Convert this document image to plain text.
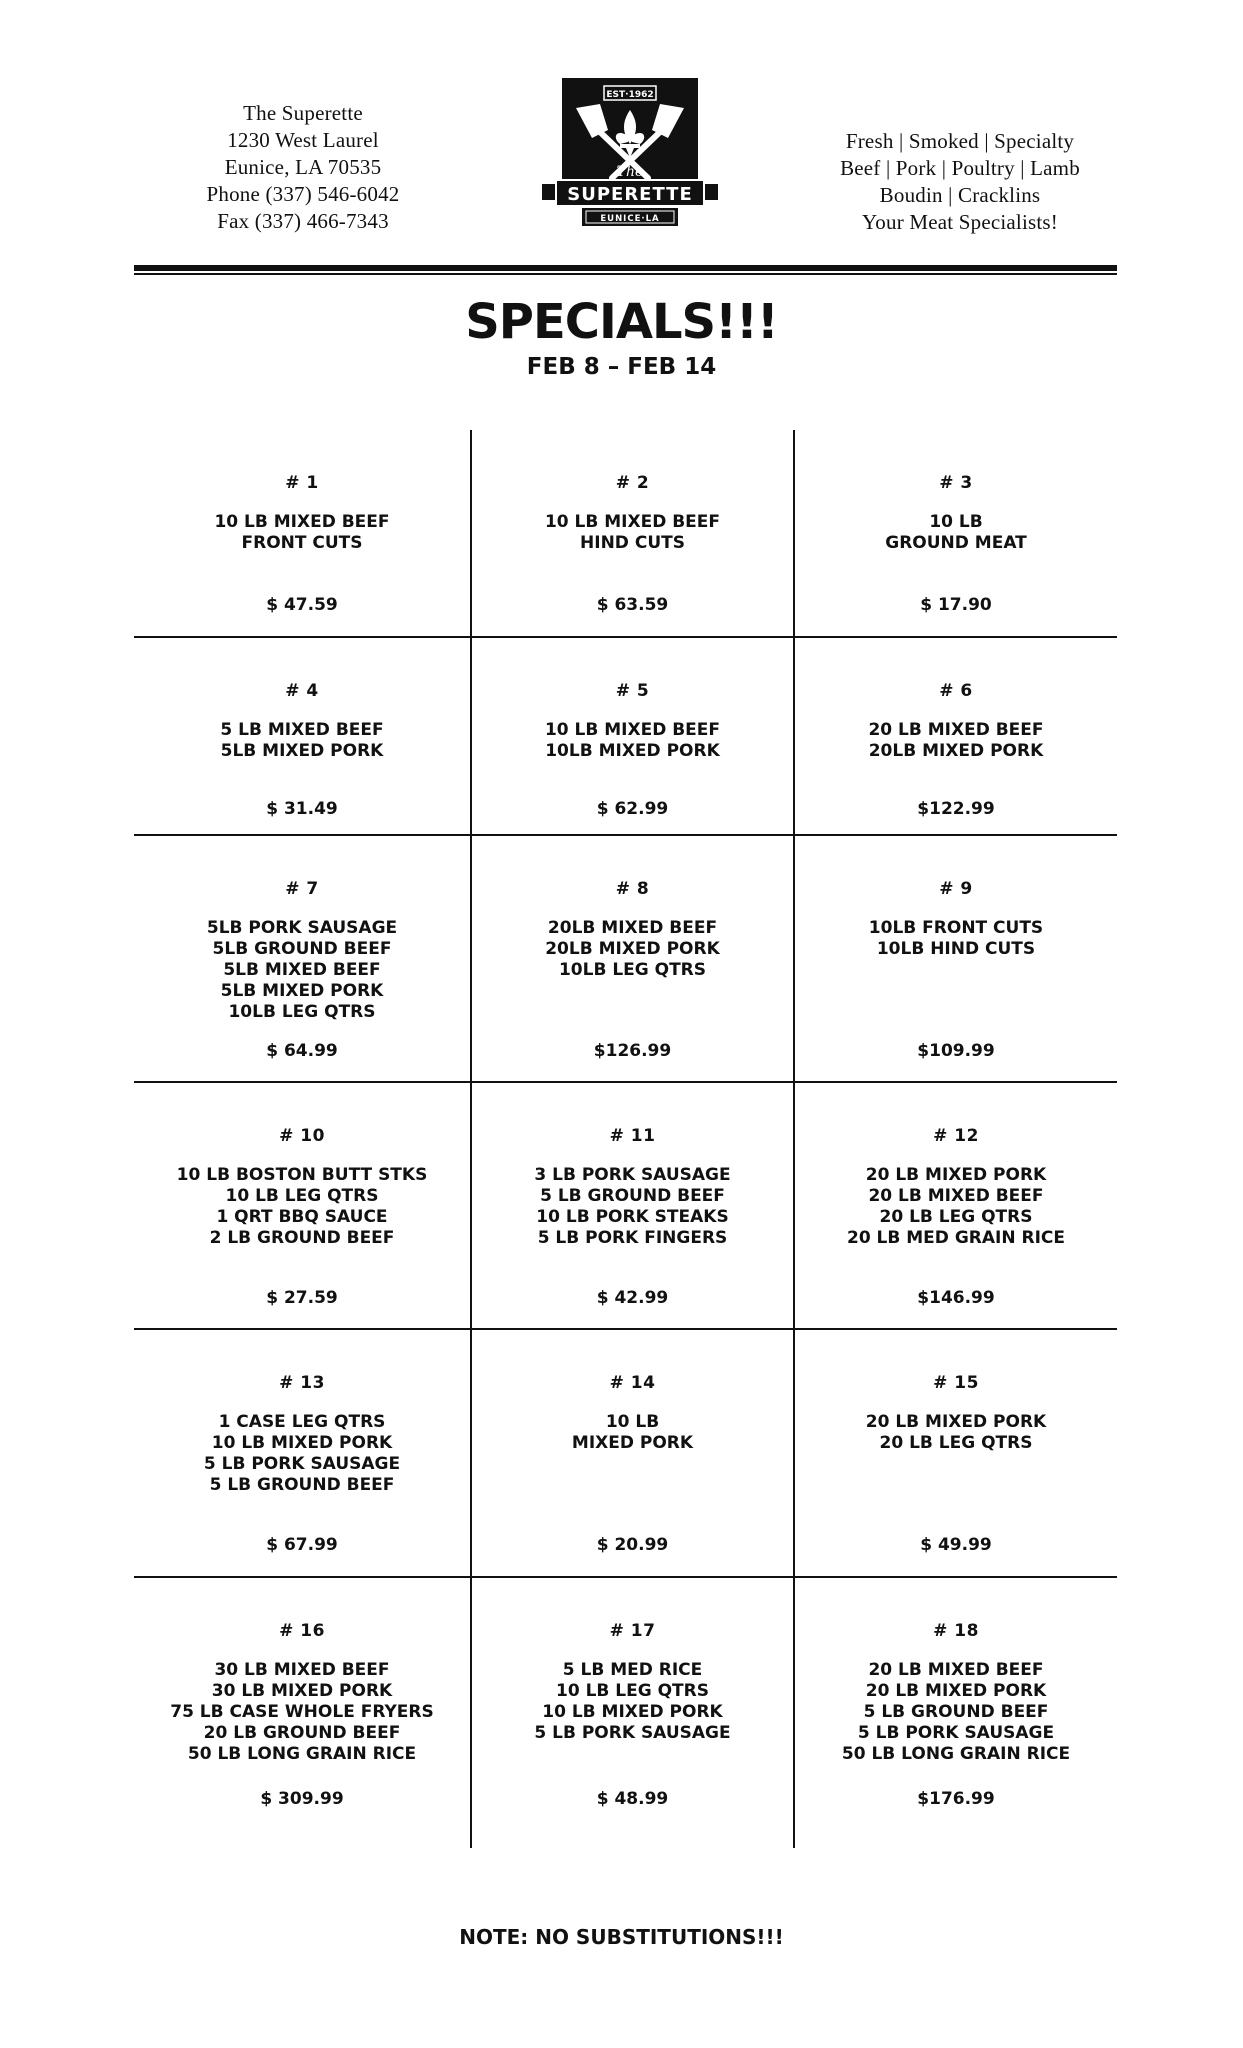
The Superette
1230 West Laurel
Eunice, LA 70535
Phone (337) 546-6042
Fax (337) 466-7343
EST·1962
The
SUPERETTE
EUNICE·LA
Fresh | Smoked | Specialty
Beef | Pork | Poultry | Lamb
Boudin | Cracklins
Your Meat Specialists!
SPECIALS!!!
FEB 8 – FEB 14
# 1
10 LB MIXED BEEF
FRONT CUTS
$ 47.59
# 2
10 LB MIXED BEEF
HIND CUTS
$ 63.59
# 3
10 LB
GROUND MEAT
$ 17.90
# 4
5 LB MIXED BEEF
5LB MIXED PORK
$ 31.49
# 5
10 LB MIXED BEEF
10LB MIXED PORK
$ 62.99
# 6
20 LB MIXED BEEF
20LB MIXED PORK
$122.99
# 7
5LB PORK SAUSAGE
5LB GROUND BEEF
5LB MIXED BEEF
5LB MIXED PORK
10LB LEG QTRS
$ 64.99
# 8
20LB MIXED BEEF
20LB MIXED PORK
10LB LEG QTRS
$126.99
# 9
10LB FRONT CUTS
10LB HIND CUTS
$109.99
# 10
10 LB BOSTON BUTT STKS
10 LB LEG QTRS
1 QRT BBQ SAUCE
2 LB GROUND BEEF
$ 27.59
# 11
3 LB PORK SAUSAGE
5 LB GROUND BEEF
10 LB PORK STEAKS
5 LB PORK FINGERS
$ 42.99
# 12
20 LB MIXED PORK
20 LB MIXED BEEF
20 LB LEG QTRS
20 LB MED GRAIN RICE
$146.99
# 13
1 CASE LEG QTRS
10 LB MIXED PORK
5 LB PORK SAUSAGE
5 LB GROUND BEEF
$ 67.99
# 14
10 LB
MIXED PORK
$ 20.99
# 15
20 LB MIXED PORK
20 LB LEG QTRS
$ 49.99
# 16
30 LB MIXED BEEF
30 LB MIXED PORK
75 LB CASE WHOLE FRYERS
20 LB GROUND BEEF
50 LB LONG GRAIN RICE
$ 309.99
# 17
5 LB MED RICE
10 LB LEG QTRS
10 LB MIXED PORK
5 LB PORK SAUSAGE
$ 48.99
# 18
20 LB MIXED BEEF
20 LB MIXED PORK
5 LB GROUND BEEF
5 LB PORK SAUSAGE
50 LB LONG GRAIN RICE
$176.99
NOTE: NO SUBSTITUTIONS!!!
